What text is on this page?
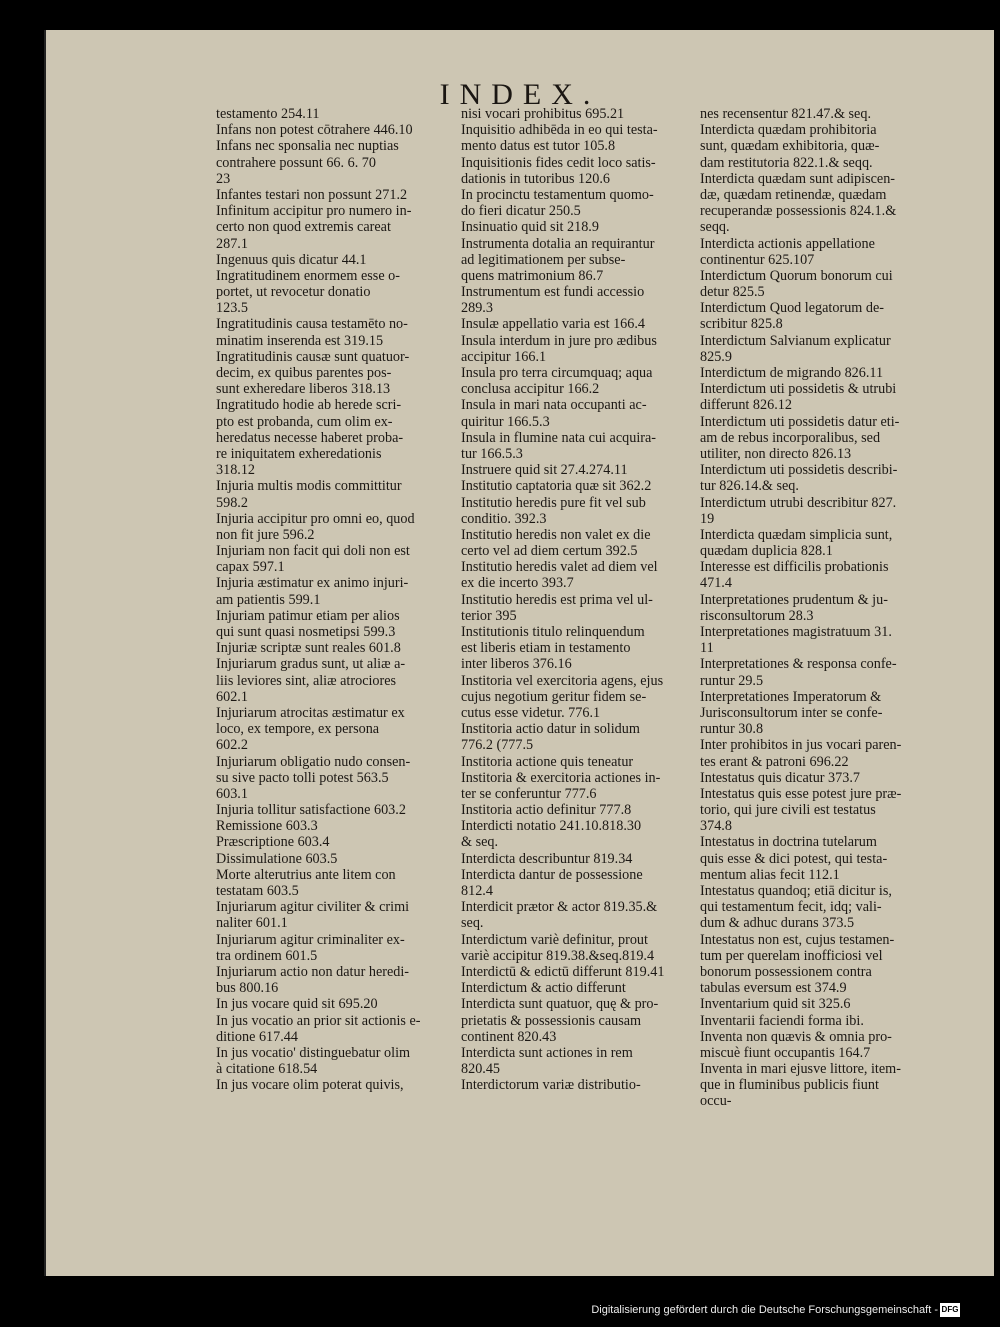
INDEX.
testamento 254.11
Infans non potest cōtrahere 446.10
Infans nec sponsalia nec nuptias
contrahere possunt 66. 6. 70
23
Infantes testari non possunt 271.2
Infinitum accipitur pro numero in-
certo non quod extremis careat
287.1
Ingenuus quis dicatur 44.1
Ingratitudinem enormem esse o-
portet, ut revocetur donatio
123.5
Ingratitudinis causa testamēto no-
minatim inserenda est 319.15
Ingratitudinis causæ sunt quatuor-
decim, ex quibus parentes pos-
sunt exheredare liberos 318.13
Ingratitudo hodie ab herede scri-
pto est probanda, cum olim ex-
heredatus necesse haberet proba-
re iniquitatem exheredationis
318.12
Injuria multis modis committitur
598.2
Injuria accipitur pro omni eo, quod
non fit jure 596.2
Injuriam non facit qui doli non est
capax 597.1
Injuria æstimatur ex animo injuri-
am patientis 599.1
Injuriam patimur etiam per alios
qui sunt quasi nosmetipsi 599.3
Injuriæ scriptæ sunt reales 601.8
Injuriarum gradus sunt, ut aliæ a-
liis leviores sint, aliæ atrociores
602.1
Injuriarum atrocitas æstimatur ex
loco, ex tempore, ex persona
602.2
Injuriarum obligatio nudo consen-
su sive pacto tolli potest 563.5
603.1
Injuria tollitur satisfactione 603.2
Remissione 603.3
Præscriptione 603.4
Dissimulatione 603.5
Morte alterutrius ante litem con
testatam 603.5
Injuriarum agitur civiliter & crimi
naliter 601.1
Injuriarum agitur criminaliter ex-
tra ordinem 601.5
Injuriarum actio non datur heredi-
bus 800.16
In jus vocare quid sit 695.20
In jus vocatio an prior sit actionis e-
ditione 617.44
In jus vocatio' distinguebatur olim
à citatione 618.54
In jus vocare olim poterat quivis,
nisi vocari prohibitus 695.21
Inquisitio adhibēda in eo qui testa-
mento datus est tutor 105.8
Inquisitionis fides cedit loco satis-
dationis in tutoribus 120.6
In procinctu testamentum quomo-
do fieri dicatur 250.5
Insinuatio quid sit 218.9
Instrumenta dotalia an requirantur
ad legitimationem per subse-
quens matrimonium 86.7
Instrumentum est fundi accessio
289.3
Insulæ appellatio varia est 166.4
Insula interdum in jure pro ædibus
accipitur 166.1
Insula pro terra circumquaq; aqua
conclusa accipitur 166.2
Insula in mari nata occupanti ac-
quiritur 166.5.3
Insula in flumine nata cui acquira-
tur 166.5.3
Instruere quid sit 27.4.274.11
Institutio captatoria quæ sit 362.2
Institutio heredis pure fit vel sub
conditio. 392.3
Institutio heredis non valet ex die
certo vel ad diem certum 392.5
Institutio heredis valet ad diem vel
ex die incerto 393.7
Institutio heredis est prima vel ul-
terior 395
Institutionis titulo relinquendum
est liberis etiam in testamento
inter liberos 376.16
Institoria vel exercitoria agens, ejus
cujus negotium geritur fidem se-
cutus esse videtur. 776.1
Institoria actio datur in solidum
776.2 (777.5
Institoria actione quis teneatur
Institoria & exercitoria actiones in-
ter se conferuntur 777.6
Institoria actio definitur 777.8
Interdicti notatio 241.10.818.30
& seq.
Interdicta describuntur 819.34
Interdicta dantur de possessione
812.4
Interdicit prætor & actor 819.35.&
seq.
Interdictum variè definitur, prout
variè accipitur 819.38.&seq.819.4
Interdictū & edictū differunt 819.41
Interdictum & actio differunt
Interdicta sunt quatuor, quę & pro-
prietatis & possessionis causam
continent 820.43
Interdicta sunt actiones in rem
820.45
Interdictorum variæ distributio-
nes recensentur 821.47.& seq.
Interdicta quædam prohibitoria
sunt, quædam exhibitoria, quæ-
dam restitutoria 822.1.& seqq.
Interdicta quædam sunt adipiscen-
dæ, quædam retinendæ, quædam
recuperandæ possessionis 824.1.&
seqq.
Interdicta actionis appellatione
continentur 625.107
Interdictum Quorum bonorum cui
detur 825.5
Interdictum Quod legatorum de-
scribitur 825.8
Interdictum Salvianum explicatur
825.9
Interdictum de migrando 826.11
Interdictum uti possidetis & utrubi
differunt 826.12
Interdictum uti possidetis datur eti-
am de rebus incorporalibus, sed
utiliter, non directo 826.13
Interdictum uti possidetis describi-
tur 826.14.& seq.
Interdictum utrubi describitur 827.
19
Interdicta quædam simplicia sunt,
quædam duplicia 828.1
Interesse est difficilis probationis
471.4
Interpretationes prudentum & ju-
risconsultorum 28.3
Interpretationes magistratuum 31.
11
Interpretationes & responsa confe-
runtur 29.5
Interpretationes Imperatorum &
Jurisconsultorum inter se confe-
runtur 30.8
Inter prohibitos in jus vocari paren-
tes erant & patroni 696.22
Intestatus quis dicatur 373.7
Intestatus quis esse potest jure præ-
torio, qui jure civili est testatus
374.8
Intestatus in doctrina tutelarum
quis esse & dici potest, qui testa-
mentum alias fecit 112.1
Intestatus quandoq; etiā dicitur is,
qui testamentum fecit, idq; vali-
dum & adhuc durans 373.5
Intestatus non est, cujus testamen-
tum per querelam inofficiosi vel
bonorum possessionem contra
tabulas eversum est 374.9
Inventarium quid sit 325.6
Inventarii faciendi forma ibi.
Inventa non quævis & omnia pro-
miscuè fiunt occupantis 164.7
Inventa in mari ejusve littore, item-
que in fluminibus publicis fiunt
occu-
Digitalisierung gefördert durch die Deutsche Forschungsgemeinschaft - DFG
